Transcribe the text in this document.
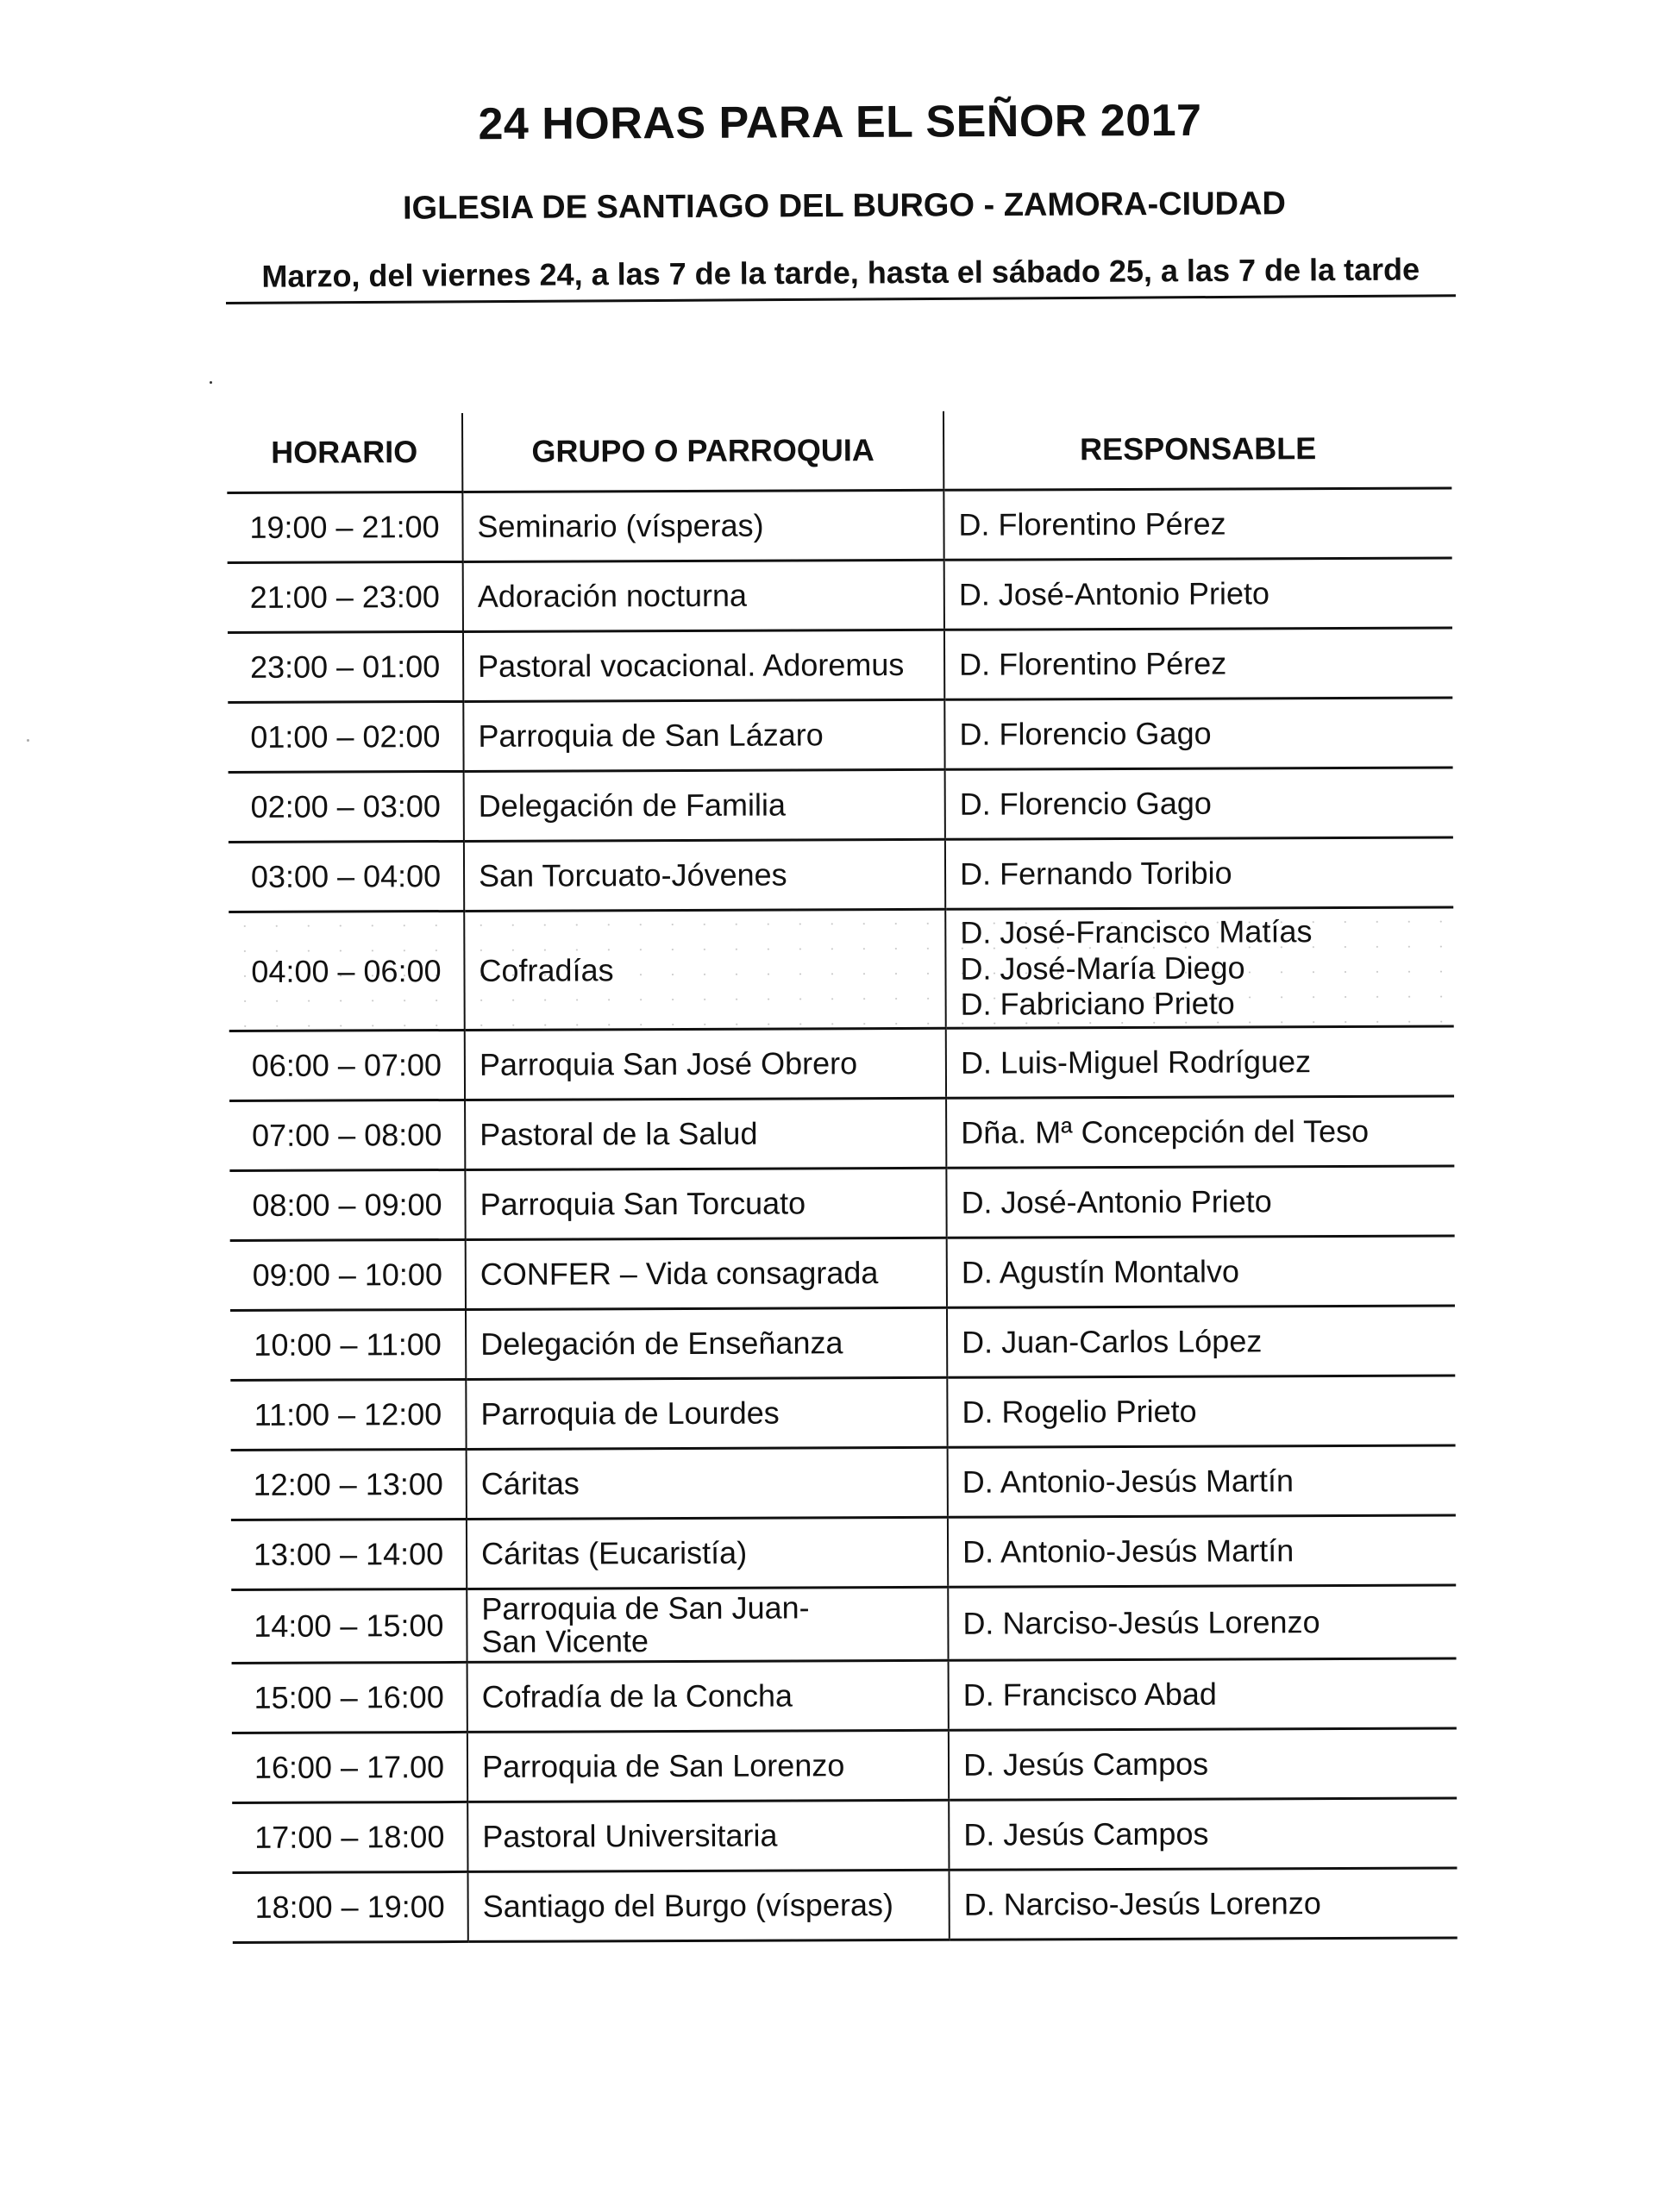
24 HORAS PARA EL SEÑOR 2017
IGLESIA DE SANTIAGO DEL BURGO - ZAMORA-CIUDAD
Marzo, del viernes 24, a las 7 de la tarde, hasta el sábado 25, a las 7 de la tarde
HORARIO	GRUPO O PARROQUIA	RESPONSABLE
19:00 – 21:00	Seminario (vísperas)	D. Florentino Pérez

21:00 – 23:00	Adoración nocturna	D. José-Antonio Prieto

23:00 – 01:00	Pastoral vocacional. Adoremus	D. Florentino Pérez

01:00 – 02:00	Parroquia de San Lázaro	D. Florencio Gago

02:00 – 03:00	Delegación de Familia	D. Florencio Gago

03:00 – 04:00	San Torcuato-Jóvenes	D. Fernando Toribio

04:00 – 06:00	Cofradías	D. José-Francisco Matías
D. José-María Diego
D. Fabriciano Prieto

06:00 – 07:00	Parroquia San José Obrero	D. Luis-Miguel Rodríguez

07:00 – 08:00	Pastoral de la Salud	Dña. Mª Concepción del Teso

08:00 – 09:00	Parroquia San Torcuato	D. José-Antonio Prieto

09:00 – 10:00	CONFER – Vida consagrada	D. Agustín Montalvo

10:00 – 11:00	Delegación de Enseñanza	D. Juan-Carlos López

11:00 – 12:00	Parroquia de Lourdes	D. Rogelio Prieto

12:00 – 13:00	Cáritas	D. Antonio-Jesús Martín

13:00 – 14:00	Cáritas (Eucaristía)	D. Antonio-Jesús Martín

14:00 – 15:00	Parroquia de San Juan-San Vicente	D. Narciso-Jesús Lorenzo

15:00 – 16:00	Cofradía de la Concha	D. Francisco Abad

16:00 – 17.00	Parroquia de San Lorenzo	D. Jesús Campos

17:00 – 18:00	Pastoral Universitaria	D. Jesús Campos

18:00 – 19:00	Santiago del Burgo (vísperas)	D. Narciso-Jesús Lorenzo
